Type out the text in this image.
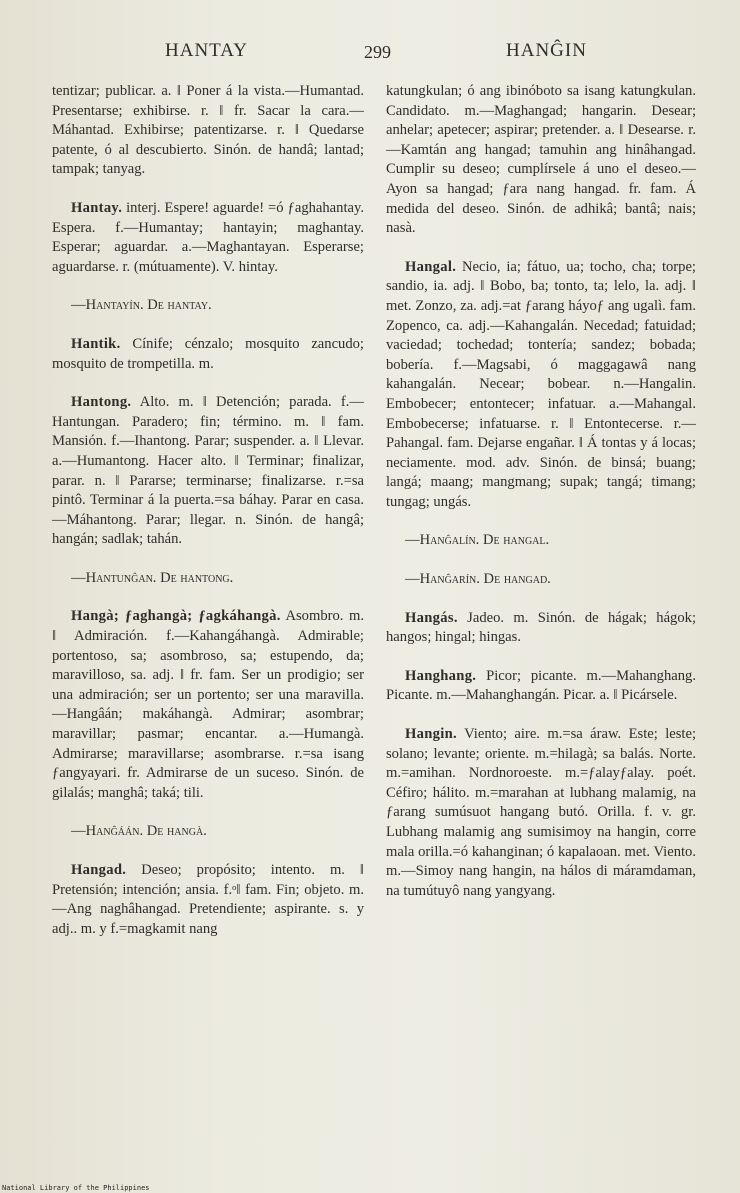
HANTAY	299	HANĜIN

tentizar; publicar. a. ‖ Poner á la vista.—Humantad. Presentarse; exhibirse. r. ‖ fr. Sacar la cara.—Máhantad. Exhibirse; patentizarse. r. ‖ Quedarse patente, ó al descubierto. Sinón. de handâ; lantad; tampak; tanyag.

Hantay. interj. Espere! aguarde! =ó ƒaghahantay. Espera. f.—Humantay; hantayin; maghantay. Esperar; aguardar. a.—Maghantayan. Esperarse; aguardarse. r. (mútuamente). V. hintay.

—Hantayín. De hantay.

Hantik. Cínife; cénzalo; mosquito zancudo; mosquito de trompetilla. m.

Hantong. Alto. m. ‖ Detención; parada. f.—Hantungan. Paradero; fin; término. m. ‖ fam. Mansión. f.—Ihantong. Parar; suspender. a. ‖ Llevar. a.—Humantong. Hacer alto. ‖ Terminar; finalizar, parar. n. ‖ Pararse; terminarse; finalizarse. r.=sa pintô. Terminar á la puerta.=sa báhay. Parar en casa.—Máhantong. Parar; llegar. n. Sinón. de hangâ; hangán; sadlak; tahán.

—Hantunĝan. De hantong.

Hangà; ƒaghangà; ƒagkáhangà. Asombro. m. ‖ Admiración. f.—Kahangáhangà. Admirable; portentoso, sa; asombroso, sa; estupendo, da; maravilloso, sa. adj. ‖ fr. fam. Ser un prodigio; ser una admiración; ser un portento; ser una maravilla.—Hangâán; makáhangà. Admirar; asombrar; maravillar; pasmar; encantar. a.—Humangà. Admirarse; maravillarse; asombrarse. r.=sa isang ƒangyayari. fr. Admirarse de un suceso. Sinón. de gilalás; manghâ; taká; tili.

—Hanĝáán. De hangà.

Hangad. Deseo; propósito; intento. m. ‖ Pretensión; intención; ansia. f.ᵒ‖ fam. Fin; objeto. m.—Ang naghâhangad. Pretendiente; aspirante. s. y adj.. m. y f.=magkamit nang

katungkulan; ó ang ibinóboto sa isang katungkulan. Candidato. m.—Maghangad; hangarin. Desear; anhelar; apetecer; aspirar; pretender. a. ‖ Desearse. r.—Kamtán ang hangad; tamuhin ang hinâhangad. Cumplir su deseo; cumplírsele á uno el deseo.—Ayon sa hangad; ƒara nang hangad. fr. fam. Á medida del deseo. Sinón. de adhikâ; bantâ; nais; nasà.

Hangal. Necio, ia; fátuo, ua; tocho, cha; torpe; sandio, ia. adj. ‖ Bobo, ba; tonto, ta; lelo, la. adj. ‖ met. Zonzo, za. adj.=at ƒarang háyoƒ ang ugalì. fam. Zopenco, ca. adj.—Kahangalán. Necedad; fatuidad; vaciedad; tochedad; tontería; sandez; bobada; bobería. f.—Magsabi, ó maggagawâ nang kahangalán. Necear; bobear. n.—Hangalin. Embobecer; entontecer; infatuar. a.—Mahangal. Embobecerse; infatuarse. r. ‖ Entontecerse. r.—Pahangal. fam. Dejarse engañar. ‖ Á tontas y á locas; neciamente. mod. adv. Sinón. de binsá; buang; langá; maang; mangmang; supak; tangá; timang; tungag; ungás.

—Hanĝalín. De hangal.

—Hanĝarín. De hangad.

Hangás. Jadeo. m. Sinón. de hágak; hágok; hangos; hingal; hingas.

Hanghang. Picor; picante. m.—Mahanghang. Picante. m.—Mahanghangán. Picar. a. ‖ Picársele.

Hangin. Viento; aire. m.=sa áraw. Este; leste; solano; levante; oriente. m.=hilagà; sa balás. Norte. m.=amihan. Nordnoroeste. m.=ƒalayƒalay. poét. Céfiro; hálito. m.=marahan at lubhang malamig, na ƒarang sumúsuot hangang butó. Orilla. f. v. gr. Lubhang malamig ang sumisimoy na hangin, corre mala orilla.=ó kahanginan; ó kapalaoan. met. Viento. m.—Simoy nang hangin, na hálos di máramdaman, na tumútuyô nang yangyang.

National Library of the Philippines
